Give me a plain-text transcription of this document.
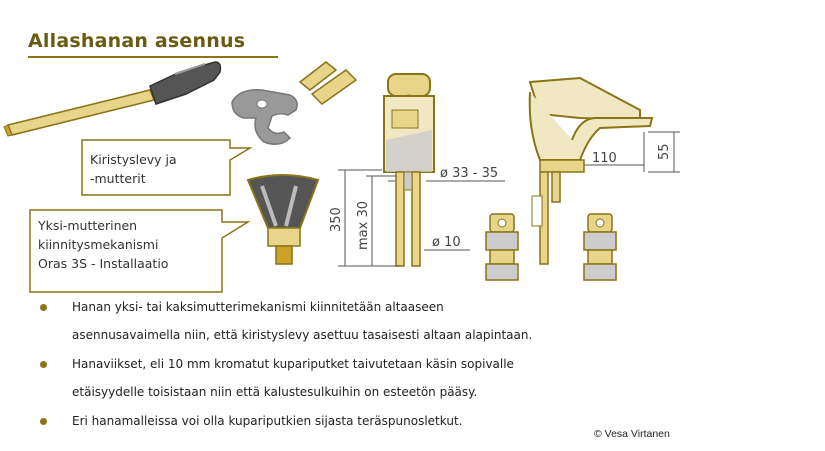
Allashanan asennus
350 max 30
ø 33 - 35
ø 10
110	55
Kiristyslevy ja
-mutterit
Yksi-mutterinen
kiinnitysmekanismi
Oras 3S - Installaatio
Hanan yksi- tai kaksimutterimekanismi kiinnitetään altaaseen
asennusavaimella niin, että kiristyslevy asettuu tasaisesti altaan alapintaan.
Hanaviikset, eli 10 mm kromatut kupariputket taivutetaan käsin sopivalle
etäisyydelle toisistaan niin että kalustesulkuihin on esteetön pääsy.
Eri hanamalleissa voi olla kupariputkien sijasta teräspunosletkut.
© Vesa Virtanen
